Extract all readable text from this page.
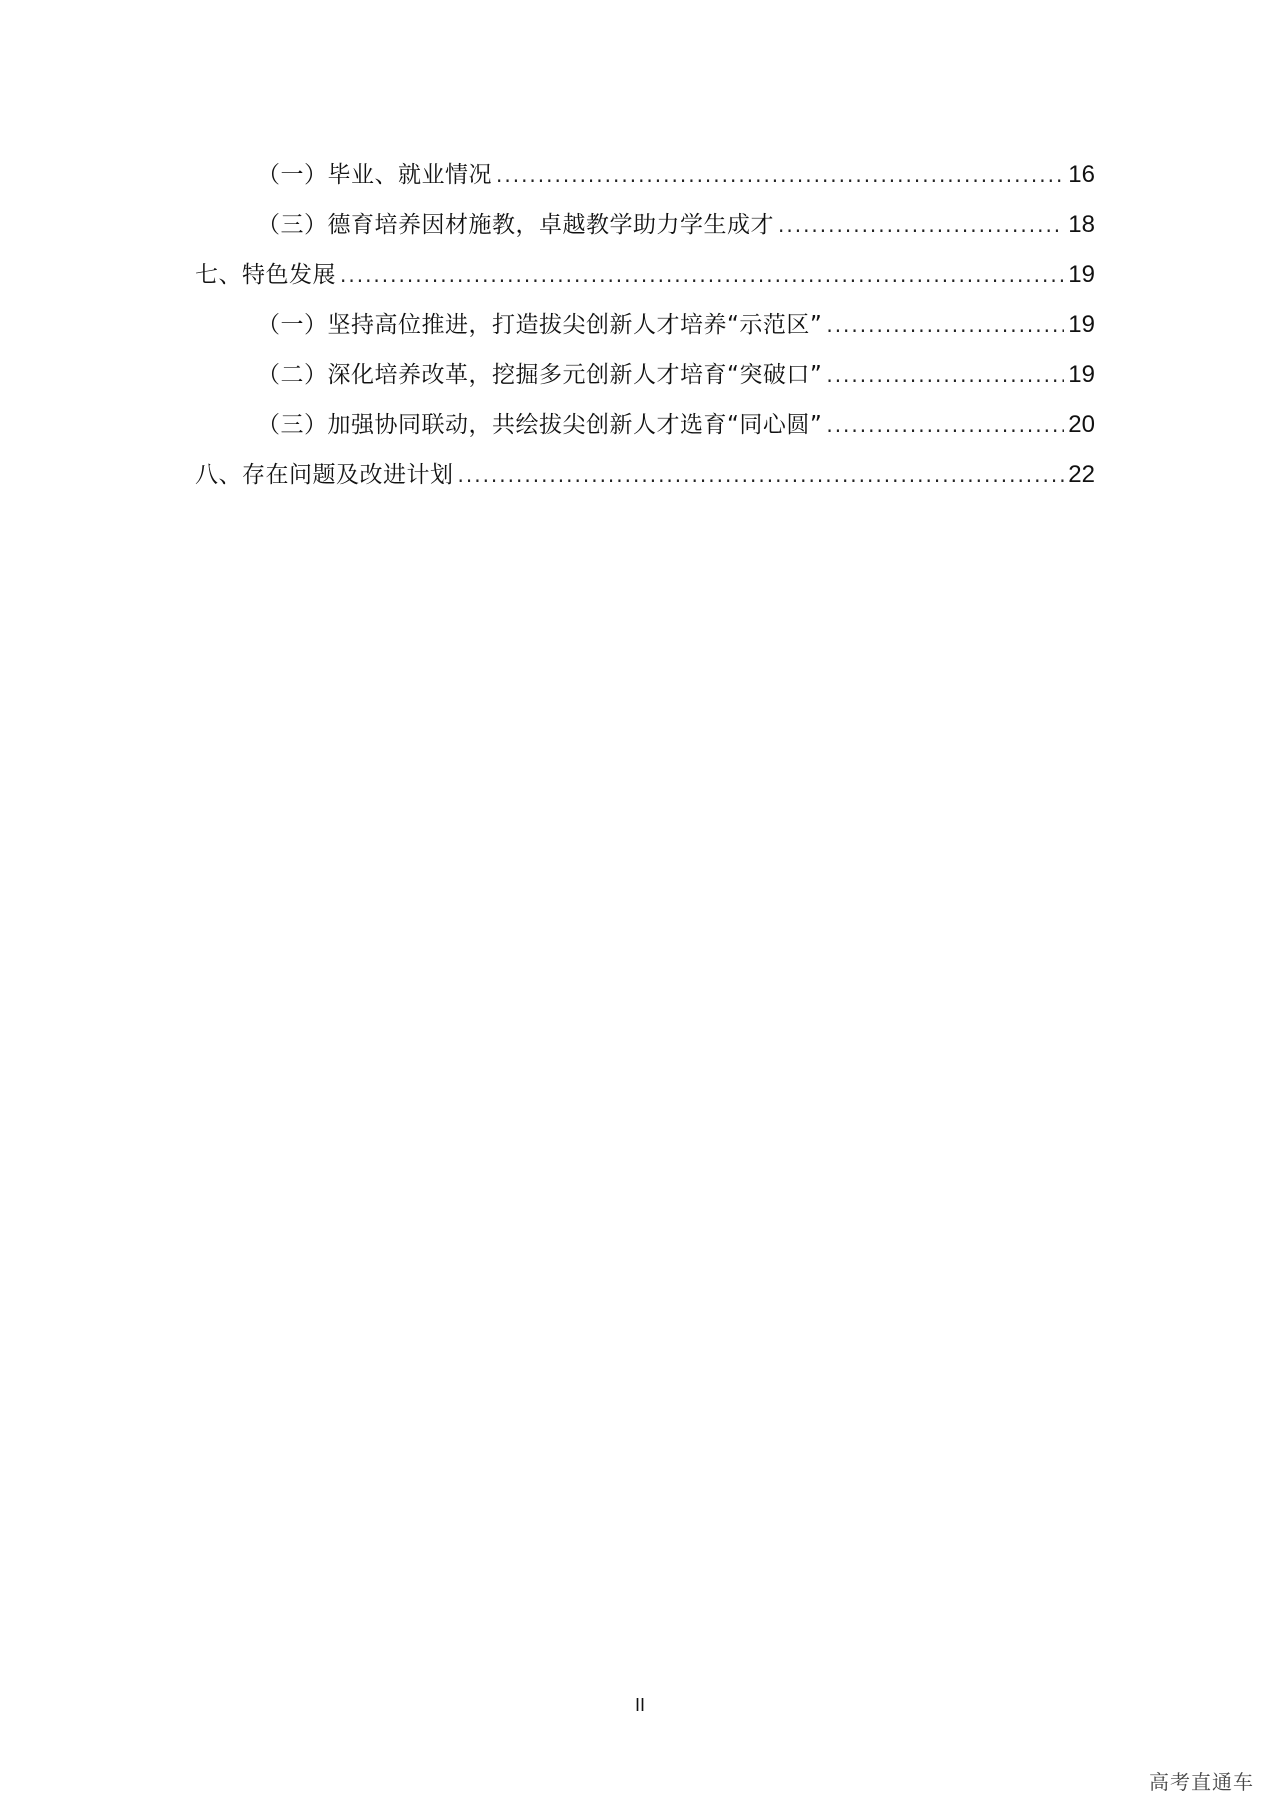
（一）毕业、就业情况 .....	16
（三）德育培养因材施教，卓越教学助力学生成才 .....	18
七、特色发展 .....	19
（一）坚持高位推进，打造拔尖创新人才培养“示范区” .....	19
（二）深化培养改革，挖掘多元创新人才培育“突破口” .....	19
（三）加强协同联动，共绘拔尖创新人才选育“同心圆” .....	20
八、存在问题及改进计划 .....	22
II
高考直通车
